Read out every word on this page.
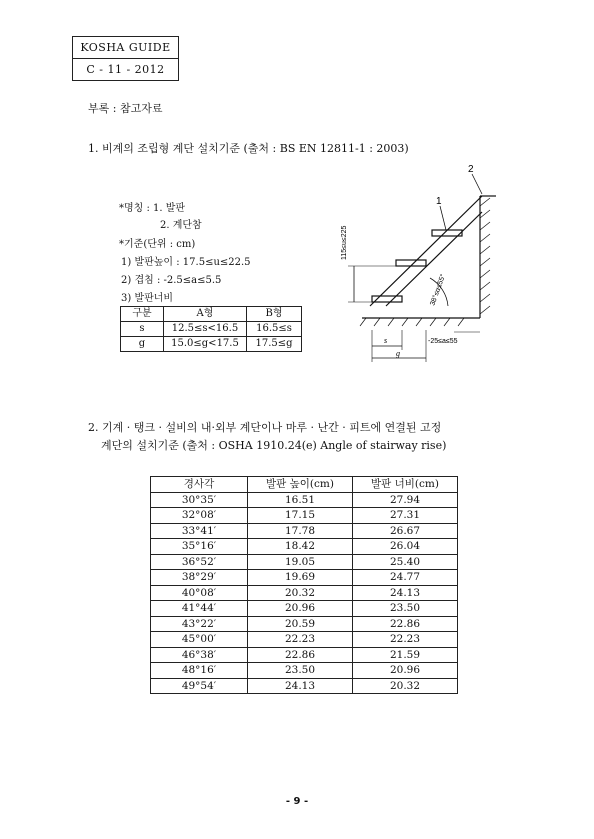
KOSHA GUIDE
C - 11 - 2012
부록 : 참고자료
1. 비계의 조립형 계단 설치기준 (출처 : BS EN 12811-1 : 2003)
*명칭 : 1. 발판
2. 계단참
*기준(단위 : cm)
1) 발판높이 : 17.5≤u≤22.5
2) 겹침 : -2.5≤a≤5.5
3) 발판너비
구분	A형	B형
s	12.5≤s<16.5	16.5≤s
g	15.0≤g<17.5	17.5≤g
2
1
115≤u≤225
38°≤α≤55°
-25≤a≤55
s
g
2. 기계 · 탱크 · 설비의 내·외부 계단이나 마루 · 난간 · 피트에 연결된 고정
계단의 설치기준 (출처 : OSHA 1910.24(e) Angle of stairway rise)
경사각	발판 높이(cm)	발판 너비(cm)
30°35′	16.51	27.94
32°08′	17.15	27.31
33°41′	17.78	26.67
35°16′	18.42	26.04
36°52′	19.05	25.40
38°29′	19.69	24.77
40°08′	20.32	24.13
41°44′	20.96	23.50
43°22′	20.59	22.86
45°00′	22.23	22.23
46°38′	22.86	21.59
48°16′	23.50	20.96
49°54′	24.13	20.32
- 9 -
